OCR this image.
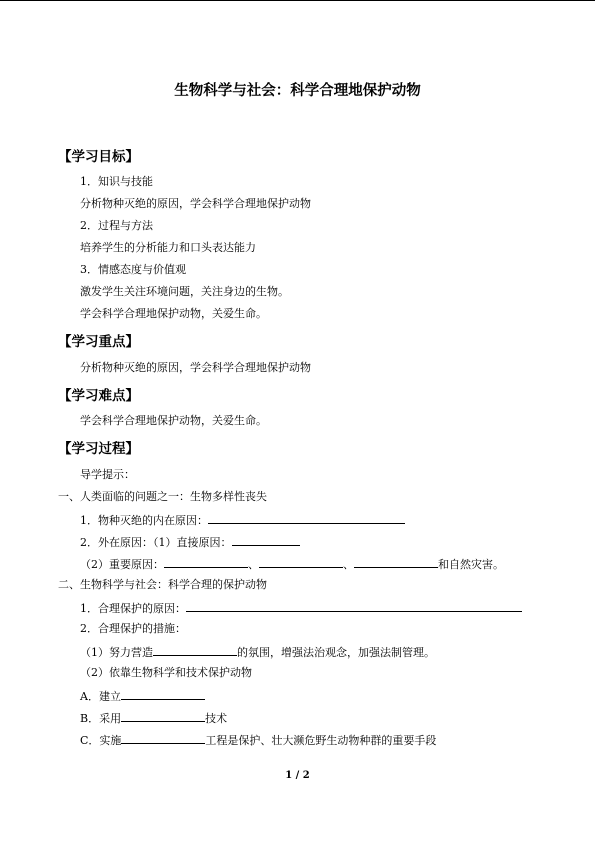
生物科学与社会：科学合理地保护动物
【学习目标】
1．知识与技能
分析物种灭绝的原因，学会科学合理地保护动物
2．过程与方法
培养学生的分析能力和口头表达能力
3．情感态度与价值观
激发学生关注环境问题，关注身边的生物。
学会科学合理地保护动物，关爱生命。
【学习重点】
分析物种灭绝的原因，学会科学合理地保护动物
【学习难点】
学会科学合理地保护动物，关爱生命。
【学习过程】
导学提示：
一、人类面临的问题之一：生物多样性丧失
1．物种灭绝的内在原因：
2．外在原因：（1）直接原因：
（2）重要原因：	、	、	和自然灾害。
二、生物科学与社会：科学合理的保护动物
1．合理保护的原因：
2．合理保护的措施：
（1）努力营造	的氛围，增强法治观念，加强法制管理。
（2）依靠生物科学和技术保护动物
A．建立
B．采用	技术
C．实施	工程是保护、壮大濒危野生动物种群的重要手段
1 / 2
